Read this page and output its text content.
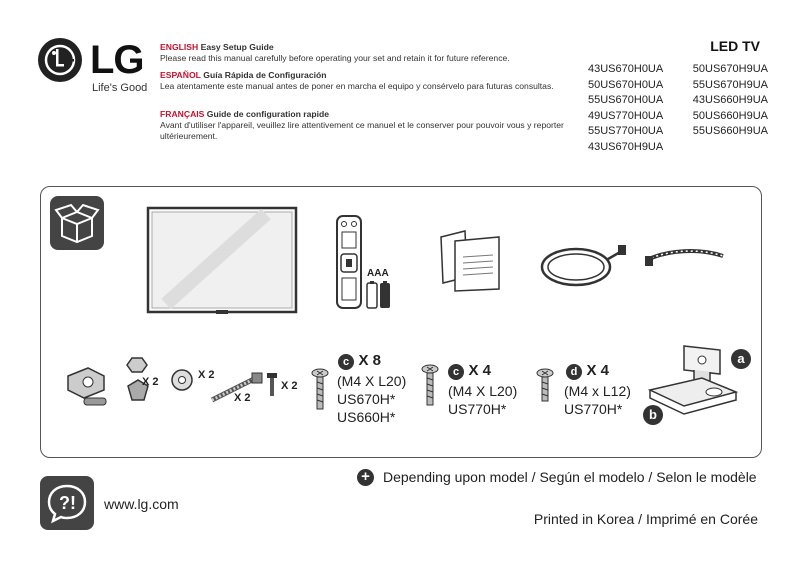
LG
Life's Good
ENGLISH Easy Setup Guide
Please read this manual carefully before operating your set and retain it for future reference.
ESPAÑOL Guía Rápida de Configuración
Lea atentamente este manual antes de poner en marcha el equipo y consérvelo para futuras consultas.
FRANÇAIS Guide de configuration rapide
Avant d'utiliser l'appareil, veuillez lire attentivement ce manuel et le conserver pour pouvoir vous y reporter ultérieurement.
LED TV
43US670H0UA	50US670H9UA
50US670H0UA	55US670H9UA
55US670H0UA	43US660H9UA
49US770H0UA	50US660H9UA
55US770H0UA	55US660H9UA
43US670H9UA
AAA
X 2
X 2
X 2
X 2
c X 8
(M4 X L20)
US670H*
US660H*
c X 4
(M4 X L20)
US770H*
d X 4
(M4 x L12)
US770H*
a
b
?! www.lg.com
+ Depending upon model / Según el modelo / Selon le modèle
Printed in Korea / Imprimé en Corée
